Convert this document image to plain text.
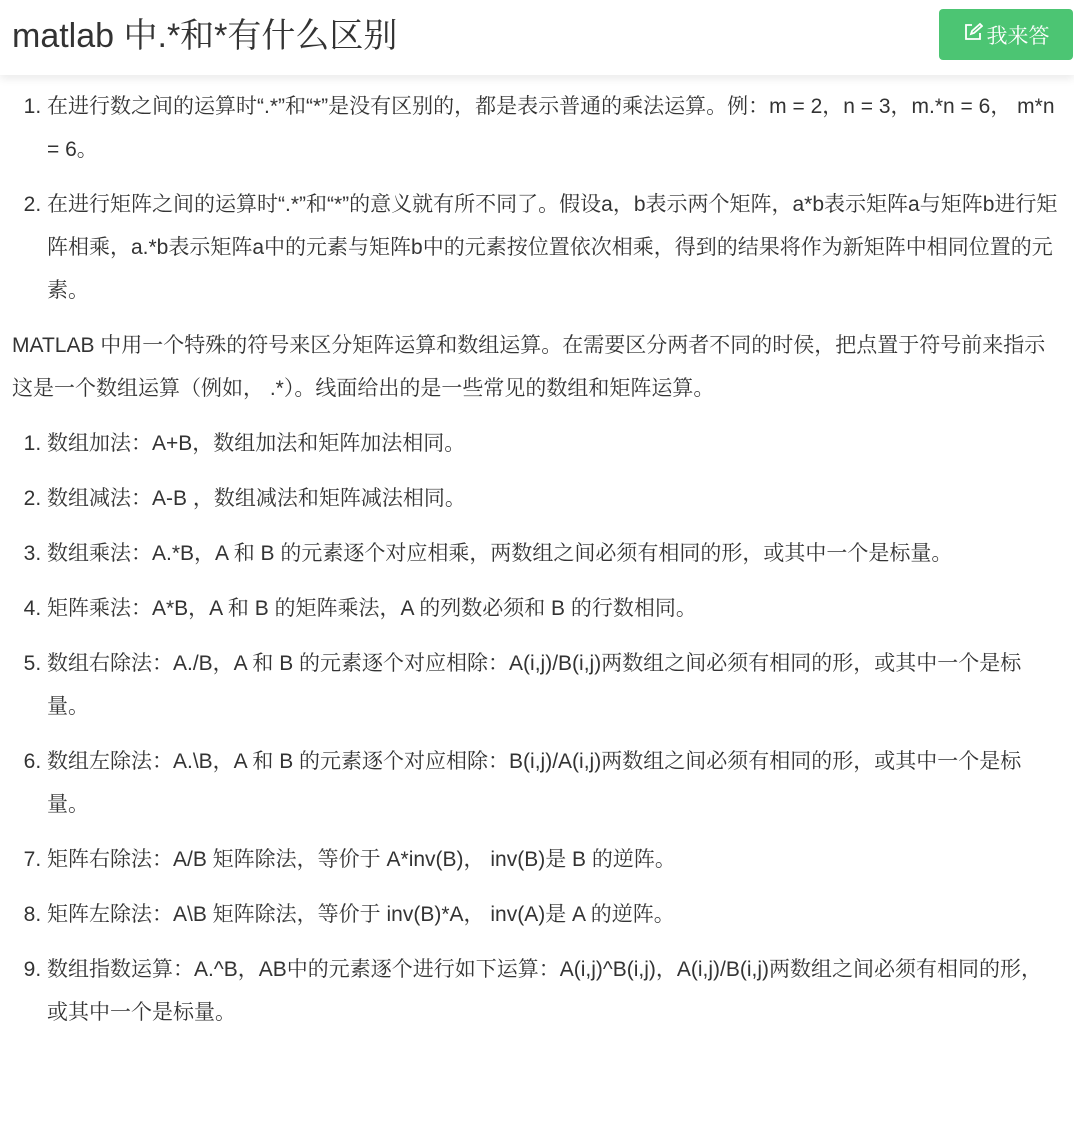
matlab 中.*和*有什么区别	我来答
1. 在进行数之间的运算时“.*”和“*”是没有区别的，都是表示普通的乘法运算。例：m = 2，n = 3，m.*n = 6， m*n = 6。
2. 在进行矩阵之间的运算时“.*”和“*”的意义就有所不同了。假设a，b表示两个矩阵，a*b表示矩阵a与矩阵b进行矩阵相乘，a.*b表示矩阵a中的元素与矩阵b中的元素按位置依次相乘，得到的结果将作为新矩阵中相同位置的元素。

MATLAB 中用一个特殊的符号来区分矩阵运算和数组运算。在需要区分两者不同的时侯，把点置于符号前来指示这是一个数组运算（例如， .*）。线面给出的是一些常见的数组和矩阵运算。

1. 数组加法：A+B，数组加法和矩阵加法相同。
2. 数组减法：A-B ，数组减法和矩阵减法相同。
3. 数组乘法：A.*B，A 和 B 的元素逐个对应相乘，两数组之间必须有相同的形，或其中一个是标量。
4. 矩阵乘法：A*B，A 和 B 的矩阵乘法，A 的列数必须和 B 的行数相同。
5. 数组右除法：A./B，A 和 B 的元素逐个对应相除：A(i,j)/B(i,j)两数组之间必须有相同的形，或其中一个是标量。
6. 数组左除法：A.\B，A 和 B 的元素逐个对应相除：B(i,j)/A(i,j)两数组之间必须有相同的形，或其中一个是标量。
7. 矩阵右除法：A/B 矩阵除法，等价于 A*inv(B)， inv(B)是 B 的逆阵。
8. 矩阵左除法：A\B 矩阵除法，等价于 inv(B)*A， inv(A)是 A 的逆阵。
9. 数组指数运算：A.^B，AB中的元素逐个进行如下运算：A(i,j)^B(i,j)，A(i,j)/B(i,j)两数组之间必须有相同的形，或其中一个是标量。
